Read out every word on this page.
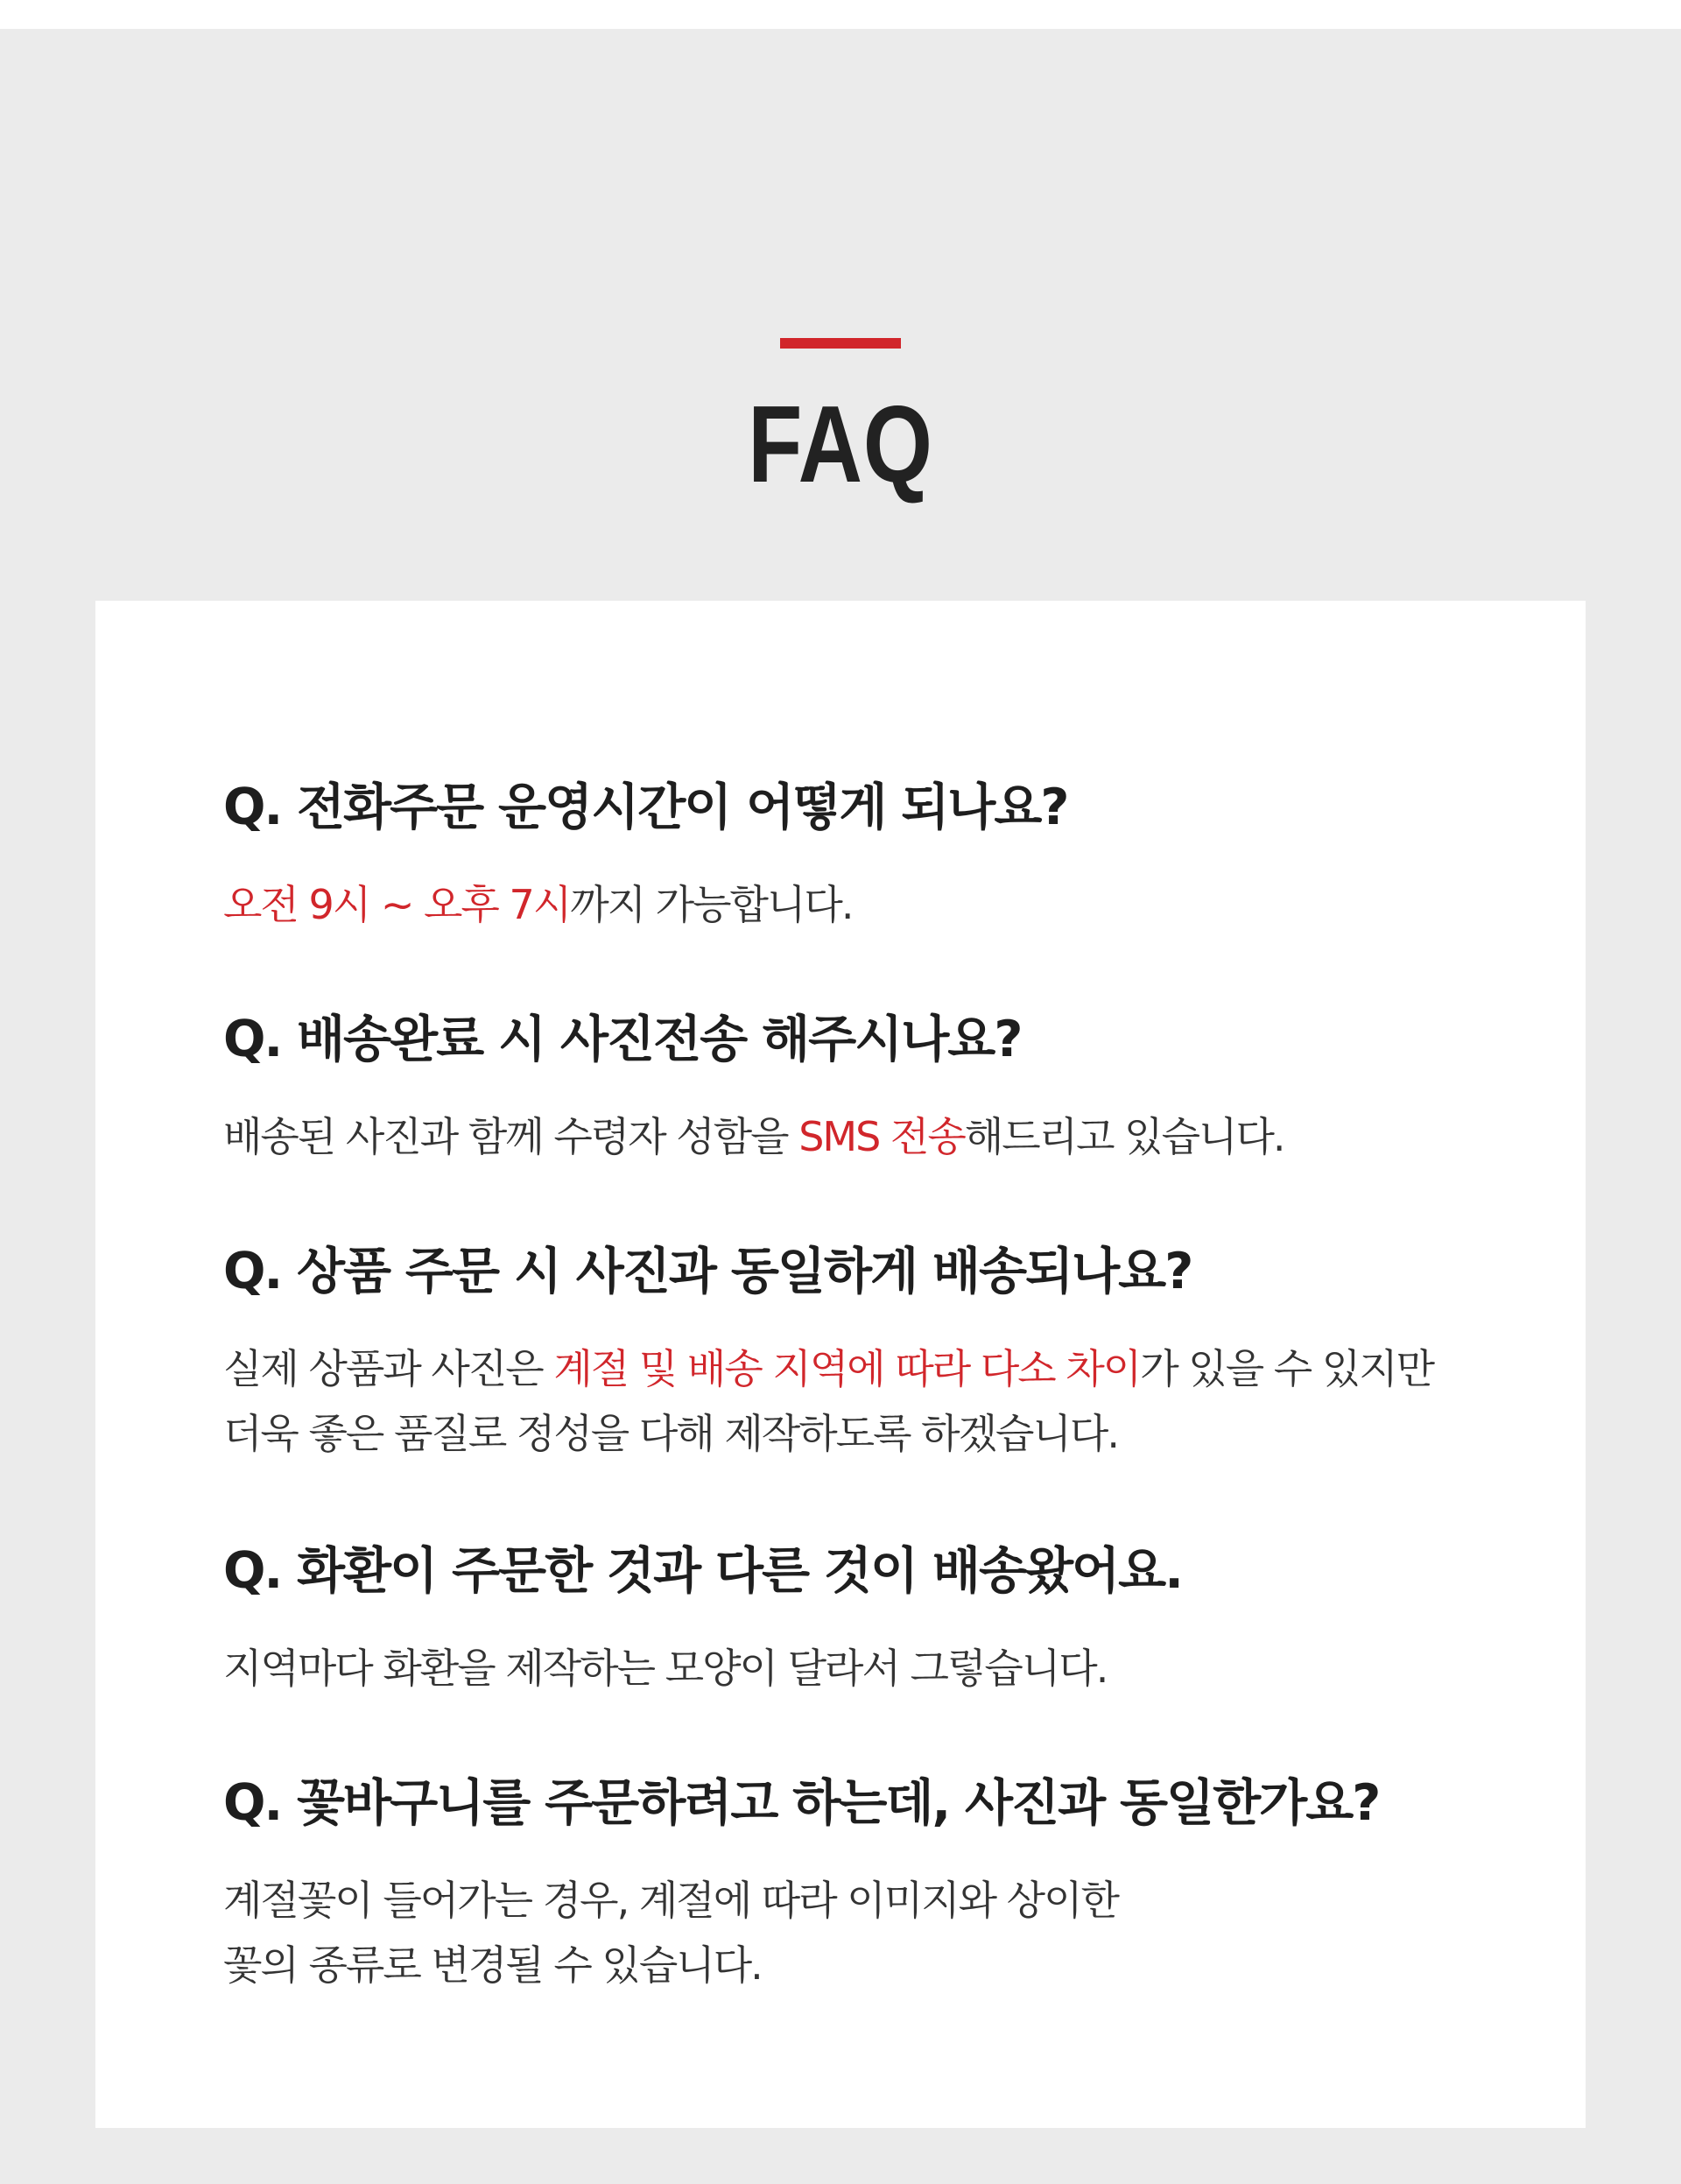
FAQ
Q. 전화주문 운영시간이 어떻게 되나요?
오전 9시 ~ 오후 7시까지 가능합니다.
Q. 배송완료 시 사진전송 해주시나요?
배송된 사진과 함께 수령자 성함을 SMS 전송해드리고 있습니다.
Q. 상품 주문 시 사진과 동일하게 배송되나요?
실제 상품과 사진은 계절 및 배송 지역에 따라 다소 차이가 있을 수 있지만
더욱 좋은 품질로 정성을 다해 제작하도록 하겠습니다.
Q. 화환이 주문한 것과 다른 것이 배송왔어요.
지역마다 화환을 제작하는 모양이 달라서 그렇습니다.
Q. 꽃바구니를 주문하려고 하는데, 사진과 동일한가요?
계절꽃이 들어가는 경우, 계절에 따라 이미지와 상이한
꽃의 종류로 변경될 수 있습니다.
